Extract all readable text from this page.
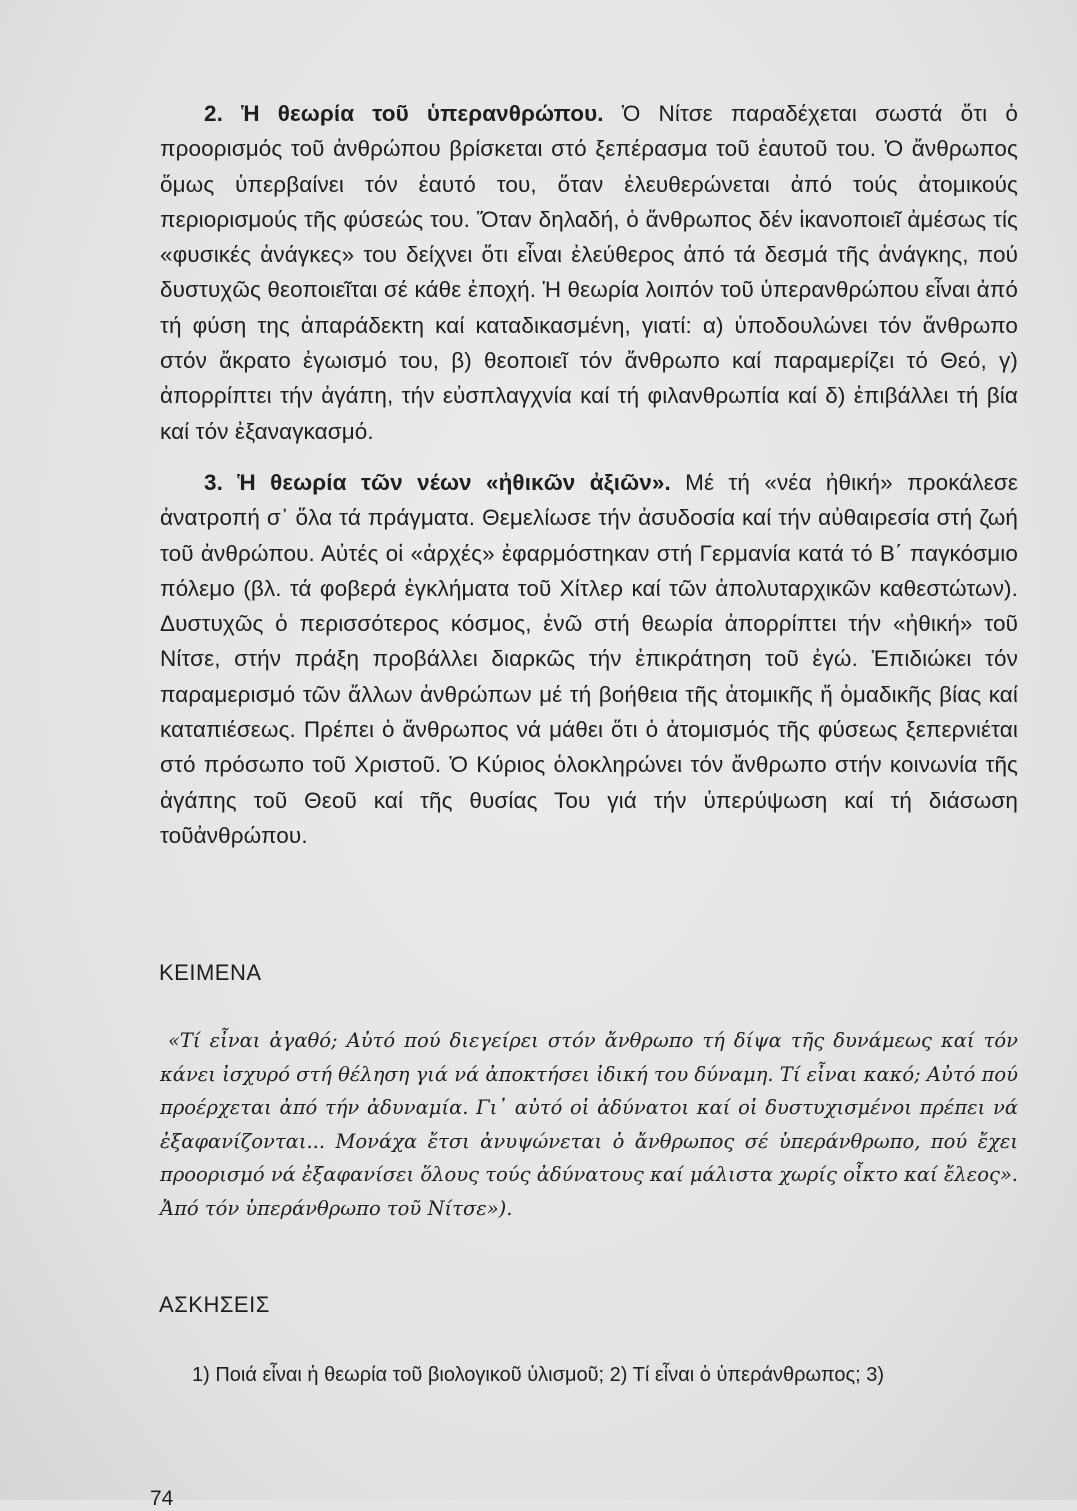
2. Ἡ θεωρία τοῦ ὑπερανθρώπου. Ὁ Νίτσε παραδέχεται σωστά ὅτι ὁ προορισμός τοῦ ἀνθρώπου βρίσκεται στό ξεπέρασμα τοῦ ἑαυτοῦ του. Ὁ ἄνθρωπος ὅμως ὑπερβαίνει τόν ἑαυτό του, ὅταν ἐλευθερώνεται ἀπό τούς ἀτομικούς περιορισμούς τῆς φύσεώς του. Ὅταν δηλαδή, ὁ ἄνθρωπος δέν ἱκανοποιεῖ ἀμέσως τίς «φυσικές ἀνάγκες» του δείχνει ὅτι εἶναι ἐλεύθερος ἀπό τά δεσμά τῆς ἀνάγκης, πού δυστυχῶς θεοποιεῖται σέ κάθε ἐποχή. Ἡ θεωρία λοιπόν τοῦ ὑπερανθρώπου εἶναι ἀπό τή φύση της ἀπαράδεκτη καί καταδικασμένη, γιατί: α) ὑποδουλώνει τόν ἄνθρωπο στόν ἄκρατο ἐγωισμό του, β) θεοποιεῖ τόν ἄνθρωπο καί παραμερίζει τό Θεό, γ) ἀπορρίπτει τήν ἀγάπη, τήν εὐσπλαγχνία καί τή φιλανθρωπία καί δ) ἐπιβάλλει τή βία καί τόν ἐξαναγκασμό.

3. Ἡ θεωρία τῶν νέων «ἠθικῶν ἀξιῶν». Μέ τή «νέα ἠθική» προκάλεσε ἀνατροπή σ᾿ ὅλα τά πράγματα. Θεμελίωσε τήν ἀσυδοσία καί τήν αὐθαιρεσία στή ζωή τοῦ ἀνθρώπου. Αὐτές οἱ «ἀρχές» ἐφαρμόστηκαν στή Γερμανία κατά τό Β΄ παγκόσμιο πόλεμο (βλ. τά φοβερά ἐγκλήματα τοῦ Χίτλερ καί τῶν ἀπολυταρχικῶν καθεστώτων). Δυστυχῶς ὁ περισσότερος κόσμος, ἐνῶ στή θεωρία ἀπορρίπτει τήν «ἠθική» τοῦ Νίτσε, στήν πράξη προβάλλει διαρκῶς τήν ἐπικράτηση τοῦ ἐγώ. Ἐπιδιώκει τόν παραμερισμό τῶν ἄλλων ἀνθρώπων μέ τή βοήθεια τῆς ἀτομικῆς ἤ ὁμαδικῆς βίας καί καταπιέσεως. Πρέπει ὁ ἄνθρωπος νά μάθει ὅτι ὁ ἀτομισμός τῆς φύσεως ξεπερνιέται στό πρόσωπο τοῦ Χριστοῦ. Ὁ Κύριος ὁλοκληρώνει τόν ἄνθρωπο στήν κοινωνία τῆς ἀγάπης τοῦ Θεοῦ καί τῆς θυσίας Του γιά τήν ὑπερύψωση καί τή διάσωση τοῦἀνθρώπου.

ΚΕΙΜΕΝΑ

«Τί εἶναι ἀγαθό; Αὐτό πού διεγείρει στόν ἄνθρωπο τή δίψα τῆς δυνάμεως καί τόν κάνει ἰσχυρό στή θέληση γιά νά ἀποκτήσει ἰδική του δύναμη. Τί εἶναι κακό; Αὐτό πού προέρχεται ἀπό τήν ἀδυναμία. Γι᾿ αὐτό οἱ ἀδύνατοι καί οἱ δυστυχισμένοι πρέπει νά ἐξαφανίζονται... Μονάχα ἔτσι ἀνυψώνεται ὁ ἄνθρωπος σέ ὑπεράνθρωπο, πού ἔχει προορισμό νά ἐξαφανίσει ὅλους τούς ἀδύνατους καί μάλιστα χωρίς οἶκτο καί ἔλεος». Ἀπό τόν ὑπεράνθρωπο τοῦ Νίτσε»).

ΑΣΚΗΣΕΙΣ

1) Ποιά εἶναι ἡ θεωρία τοῦ βιολογικοῦ ὑλισμοῦ; 2) Τί εἶναι ὁ ὑπεράνθρωπος; 3)

74
